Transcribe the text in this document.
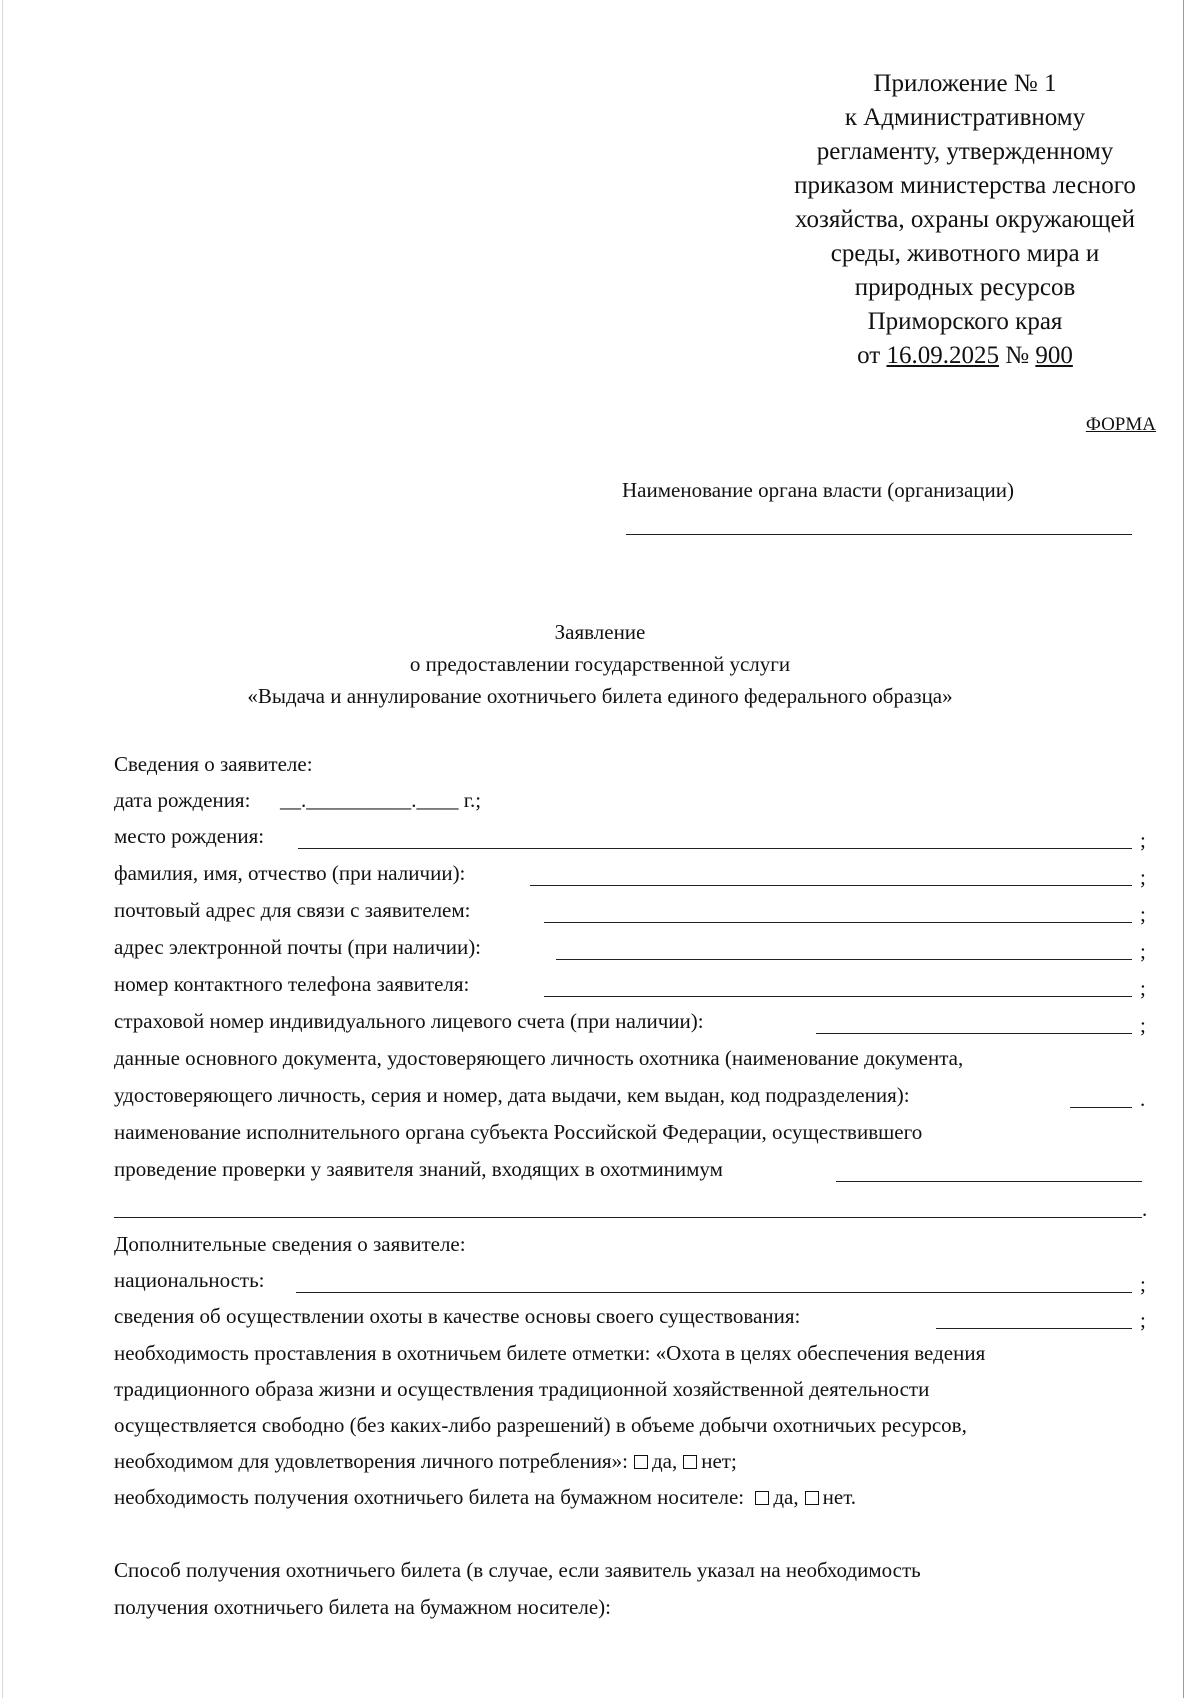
Приложение № 1
к Административному
регламенту, утвержденному
приказом министерства лесного
хозяйства, охраны окружающей
среды, животного мира и
природных ресурсов
Приморского края
от 16.09.2025 № 900
ФОРМА
Наименование органа власти (организации)
Заявление
о предоставлении государственной услуги
«Выдача и аннулирование охотничьего билета единого федерального образца»
Сведения о заявителе:
дата рождения: __.__________.____ г.;
место рождения:	;
фамилия, имя, отчество (при наличии):	;
почтовый адрес для связи с заявителем:	;
адрес электронной почты (при наличии):	;
номер контактного телефона заявителя:	;
страховой номер индивидуального лицевого счета (при наличии):	;
данные основного документа, удостоверяющего личность охотника (наименование документа,
удостоверяющего личность, серия и номер, дата выдачи, кем выдан, код подразделения):	.
наименование исполнительного органа субъекта Российской Федерации, осуществившего
проведение проверки у заявителя знаний, входящих в охотминимум
.
Дополнительные сведения о заявителе:
национальность:	;
сведения об осуществлении охоты в качестве основы своего существования:	;
необходимость проставления в охотничьем билете отметки: «Охота в целях обеспечения ведения
традиционного образа жизни и осуществления традиционной хозяйственной деятельности
осуществляется свободно (без каких-либо разрешений) в объеме добычи охотничьих ресурсов,
необходимом для удовлетворения личного потребления»: да, нет;
необходимость получения охотничьего билета на бумажном носителе: да, нет.
Способ получения охотничьего билета (в случае, если заявитель указал на необходимость
получения охотничьего билета на бумажном носителе):
